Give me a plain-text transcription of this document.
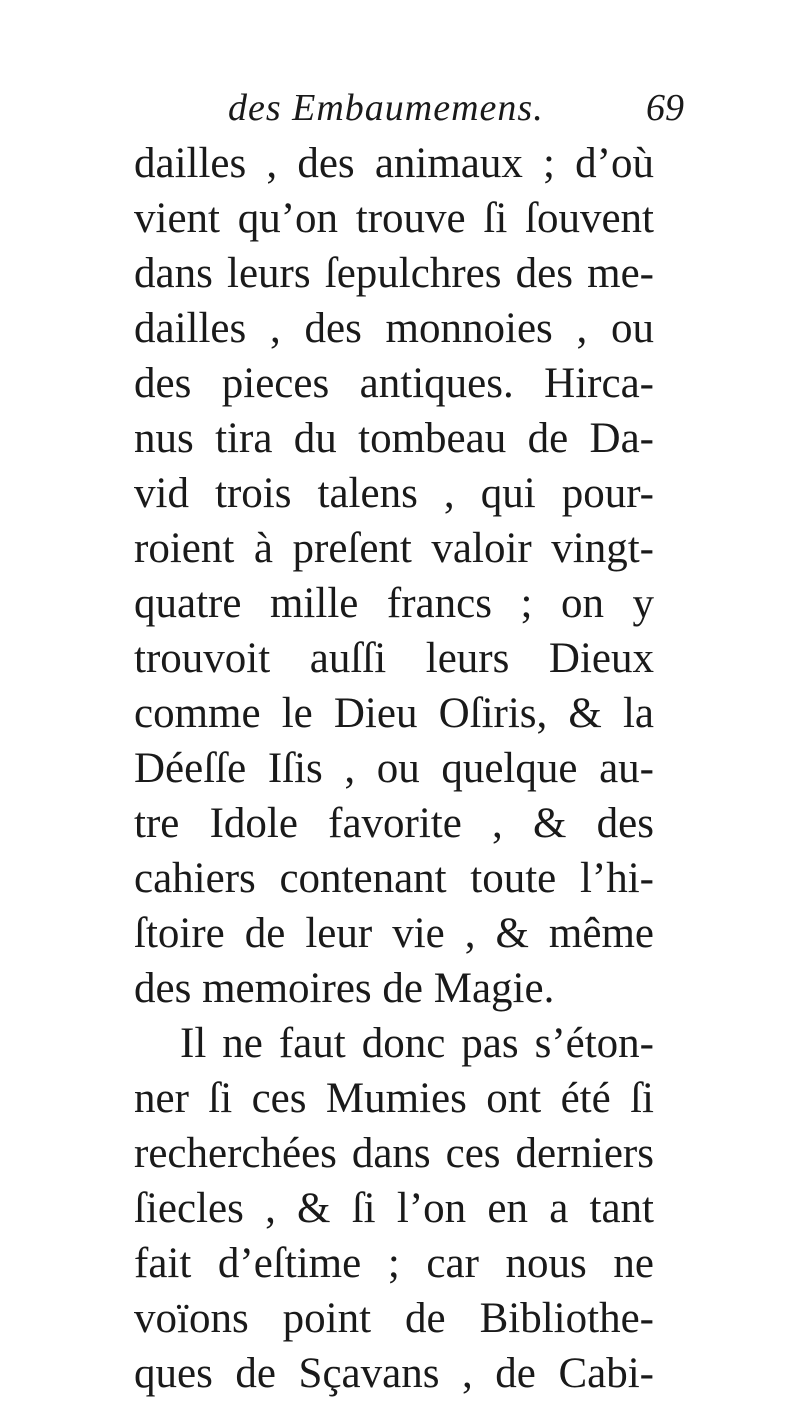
des Embaumemens.	69
dailles , des animaux ; d’où
vient qu’on trouve ſi ſouvent
dans leurs ſepulchres des me-
dailles , des monnoies , ou
des pieces antiques. Hirca-
nus tira du tombeau de Da-
vid trois talens , qui pour-
roient à preſent valoir vingt-
quatre mille francs ; on y
trouvoit auſſi leurs Dieux
comme le Dieu Oſiris, & la
Déeſſe Iſis , ou quelque au-
tre Idole favorite , & des
cahiers contenant toute l’hi-
ſtoire de leur vie , & même
des memoires de Magie.
Il ne faut donc pas s’éton-
ner ſi ces Mumies ont été ſi
recherchées dans ces derniers
ſiecles , & ſi l’on en a tant
fait d’eſtime ; car nous ne
voïons point de Bibliothe-
ques de Sçavans , de Cabi-
